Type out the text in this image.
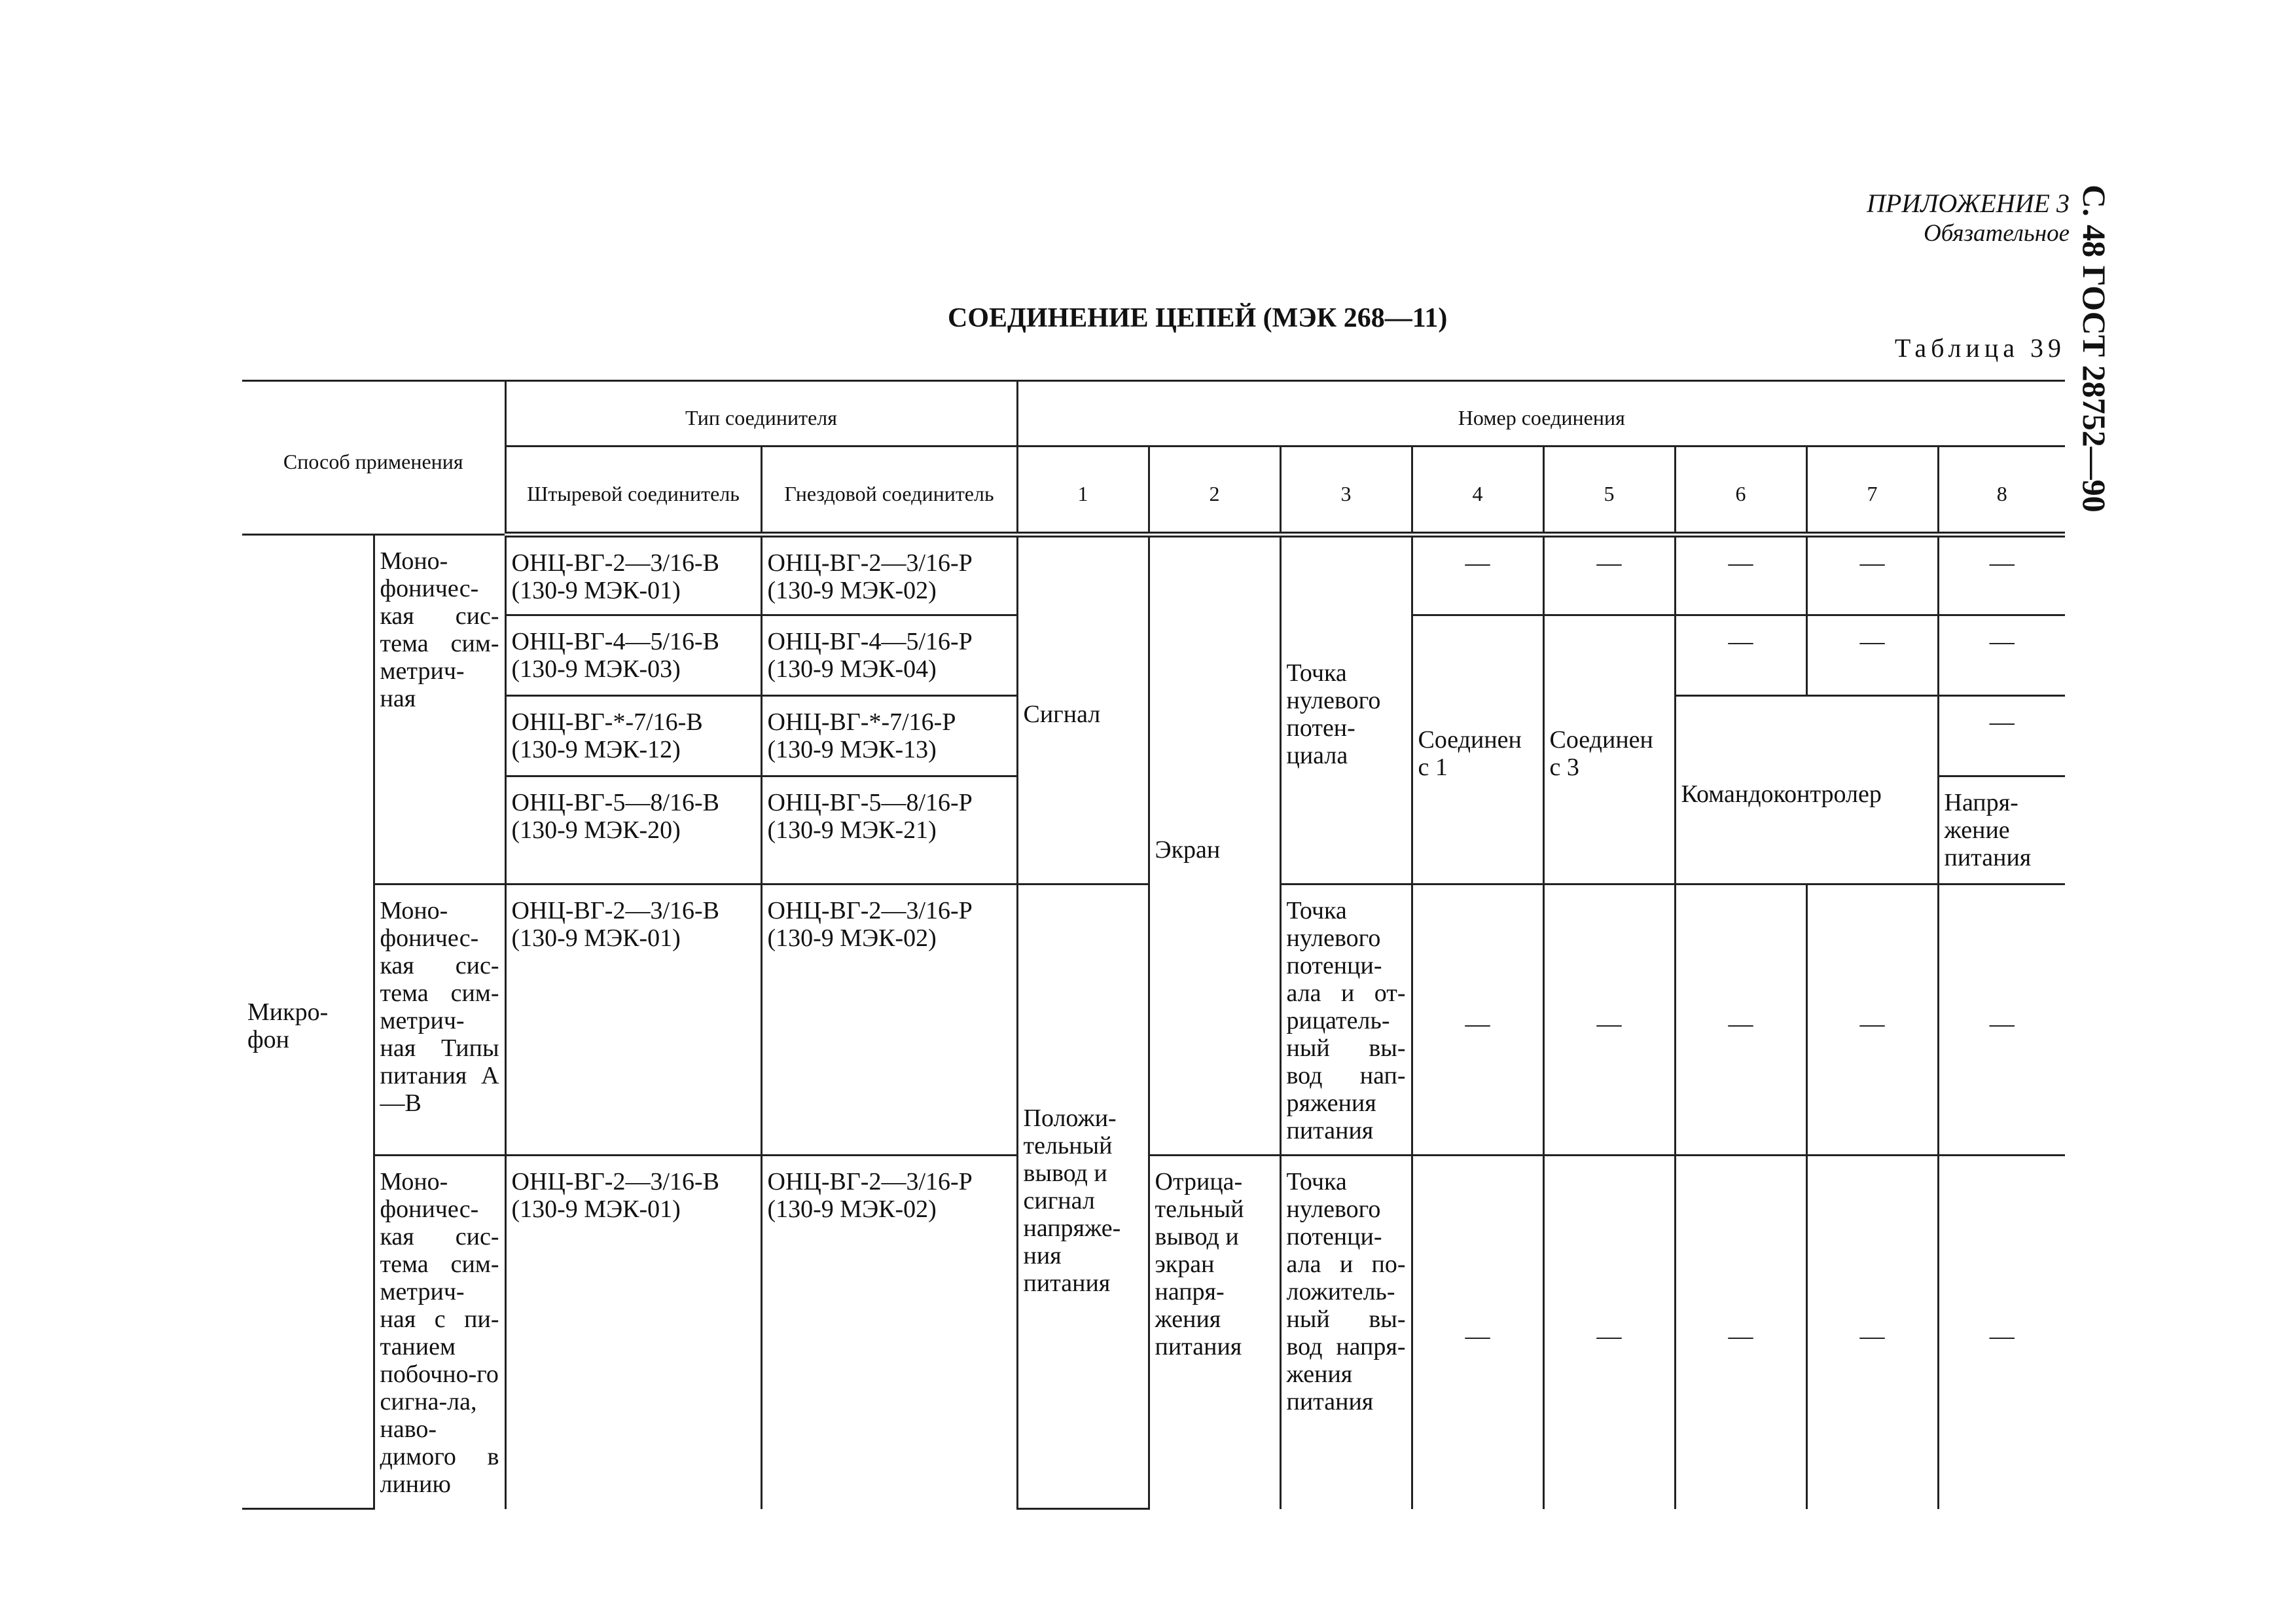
С. 48 ГОСТ 28752—90
ПРИЛОЖЕНИЕ 3
Обязательное
СОЕДИНЕНИЕ ЦЕПЕЙ (МЭК 268—11)
Таблица 39
Способ применения		Тип соединителя		Номер соединения							
		Штыревой соединитель	Гнездовой соединитель	1	2	3	4	5	6	7	8
Микро-фон	Моно-фоничес-кая сис-тема сим-метрич-ная	ОНЦ-ВГ-2—3/16-В (130-9 МЭК-01)	ОНЦ-ВГ-2—3/16-Р (130-9 МЭК-02)	Сигнал	Экран	Точка нулевого потен-циала	—	—	—	—	—
		ОНЦ-ВГ-4—5/16-В (130-9 МЭК-03)	ОНЦ-ВГ-4—5/16-Р (130-9 МЭК-04)				Соединен с 1	Соединен с 3	—	—	—
		ОНЦ-ВГ-*-7/16-В (130-9 МЭК-12)	ОНЦ-ВГ-*-7/16-Р (130-9 МЭК-13)						Командоконтролер		—
		ОНЦ-ВГ-5—8/16-В (130-9 МЭК-20)	ОНЦ-ВГ-5—8/16-Р (130-9 МЭК-21)								Напря-жение питания
	Моно-фоничес-кая сис-тема сим-метрич-ная Типы питания А—В	ОНЦ-ВГ-2—3/16-В (130-9 МЭК-01)	ОНЦ-ВГ-2—3/16-Р (130-9 МЭК-02)	Положи-тельный вывод и сигнал напряже-ния питания		Точка нулевого потенци-ала и от-рицатель-ный вы-вод нап-ряжения питания	—	—	—	—	—
	Моно-фоничес-кая сис-тема сим-метрич-ная с пи-танием побочно-го сигна-ла, наво-димого в линию	ОНЦ-ВГ-2—3/16-В (130-9 МЭК-01)	ОНЦ-ВГ-2—3/16-Р (130-9 МЭК-02)		Отрица-тельный вывод и экран напря-жения питания	Точка нулевого потенци-ала и по-ложитель-ный вы-вод напря-жения питания	—	—	—	—	—
